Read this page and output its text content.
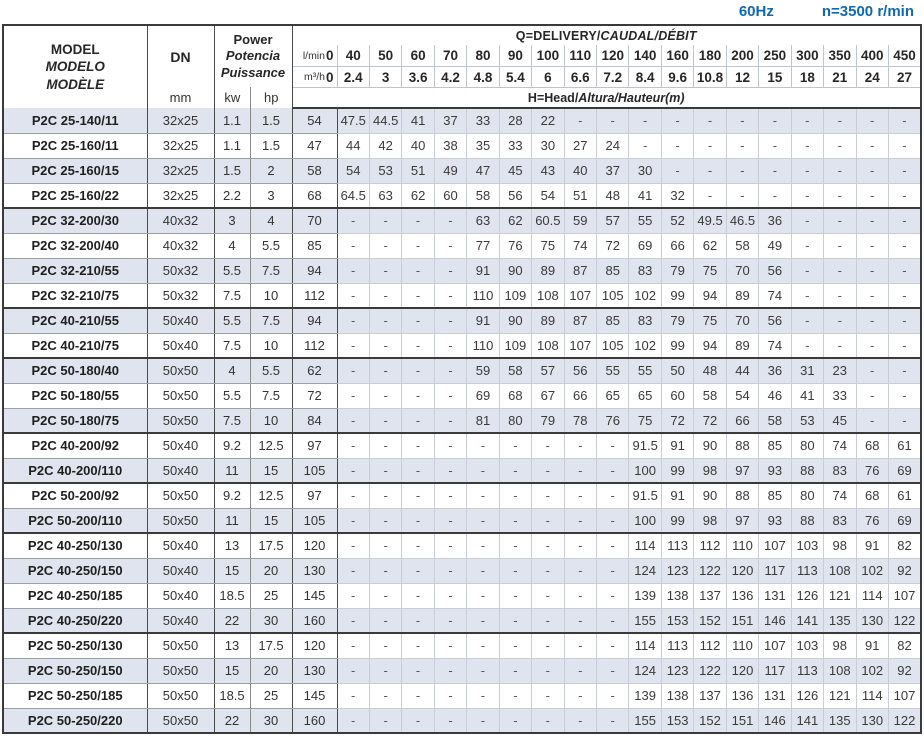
60Hz	n=3500 r/min
MODEL
MODELO
MODÈLE

DN
mm

Power
Potencia
Puissance
kw	hp
	Q=DELIVERY/CAUDAL/DÉBIT

				l/min 0	40	50	60	70	80	90	100	110	120	140	160	180	200	250	300	350	400	450

				m³/h 0	2.4	3	3.6	4.2	4.8	5.4	6	6.6	7.2	8.4	9.6	10.8	12	15	18	21	24	27
				H=Head/Altura/Hauteur(m)																		
P2C 25-140/11	32x25	1.1	1.5	54	47.5	44.5	41	37	33	28	22	-	-	-	-	-	-	-	-	-	-	-
P2C 25-160/11	32x25	1.1	1.5	47	44	42	40	38	35	33	30	27	24	-	-	-	-	-	-	-	-	-
P2C 25-160/15	32x25	1.5	2	58	54	53	51	49	47	45	43	40	37	30	-	-	-	-	-	-	-	-
P2C 25-160/22	32x25	2.2	3	68	64.5	63	62	60	58	56	54	51	48	41	32	-	-	-	-	-	-	-
P2C 32-200/30	40x32	3	4	70	-	-	-	-	63	62	60.5	59	57	55	52	49.5	46.5	36	-	-	-	-
P2C 32-200/40	40x32	4	5.5	85	-	-	-	-	77	76	75	74	72	69	66	62	58	49	-	-	-	-
P2C 32-210/55	50x32	5.5	7.5	94	-	-	-	-	91	90	89	87	85	83	79	75	70	56	-	-	-	-
P2C 32-210/75	50x32	7.5	10	112	-	-	-	-	110	109	108	107	105	102	99	94	89	74	-	-	-	-
P2C 40-210/55	50x40	5.5	7.5	94	-	-	-	-	91	90	89	87	85	83	79	75	70	56	-	-	-	-
P2C 40-210/75	50x40	7.5	10	112	-	-	-	-	110	109	108	107	105	102	99	94	89	74	-	-	-	-
P2C 50-180/40	50x50	4	5.5	62	-	-	-	-	59	58	57	56	55	55	50	48	44	36	31	23	-	-
P2C 50-180/55	50x50	5.5	7.5	72	-	-	-	-	69	68	67	66	65	65	60	58	54	46	41	33	-	-
P2C 50-180/75	50x50	7.5	10	84	-	-	-	-	81	80	79	78	76	75	72	72	66	58	53	45	-	-
P2C 40-200/92	50x40	9.2	12.5	97	-	-	-	-	-	-	-	-	-	91.5	91	90	88	85	80	74	68	61
P2C 40-200/110	50x40	11	15	105	-	-	-	-	-	-	-	-	-	100	99	98	97	93	88	83	76	69
P2C 50-200/92	50x50	9.2	12.5	97	-	-	-	-	-	-	-	-	-	91.5	91	90	88	85	80	74	68	61
P2C 50-200/110	50x50	11	15	105	-	-	-	-	-	-	-	-	-	100	99	98	97	93	88	83	76	69
P2C 40-250/130	50x40	13	17.5	120	-	-	-	-	-	-	-	-	-	114	113	112	110	107	103	98	91	82
P2C 40-250/150	50x40	15	20	130	-	-	-	-	-	-	-	-	-	124	123	122	120	117	113	108	102	92
P2C 40-250/185	50x40	18.5	25	145	-	-	-	-	-	-	-	-	-	139	138	137	136	131	126	121	114	107
P2C 40-250/220	50x40	22	30	160	-	-	-	-	-	-	-	-	-	155	153	152	151	146	141	135	130	122
P2C 50-250/130	50x50	13	17.5	120	-	-	-	-	-	-	-	-	-	114	113	112	110	107	103	98	91	82
P2C 50-250/150	50x50	15	20	130	-	-	-	-	-	-	-	-	-	124	123	122	120	117	113	108	102	92
P2C 50-250/185	50x50	18.5	25	145	-	-	-	-	-	-	-	-	-	139	138	137	136	131	126	121	114	107
P2C 50-250/220	50x50	22	30	160	-	-	-	-	-	-	-	-	-	155	153	152	151	146	141	135	130	122
